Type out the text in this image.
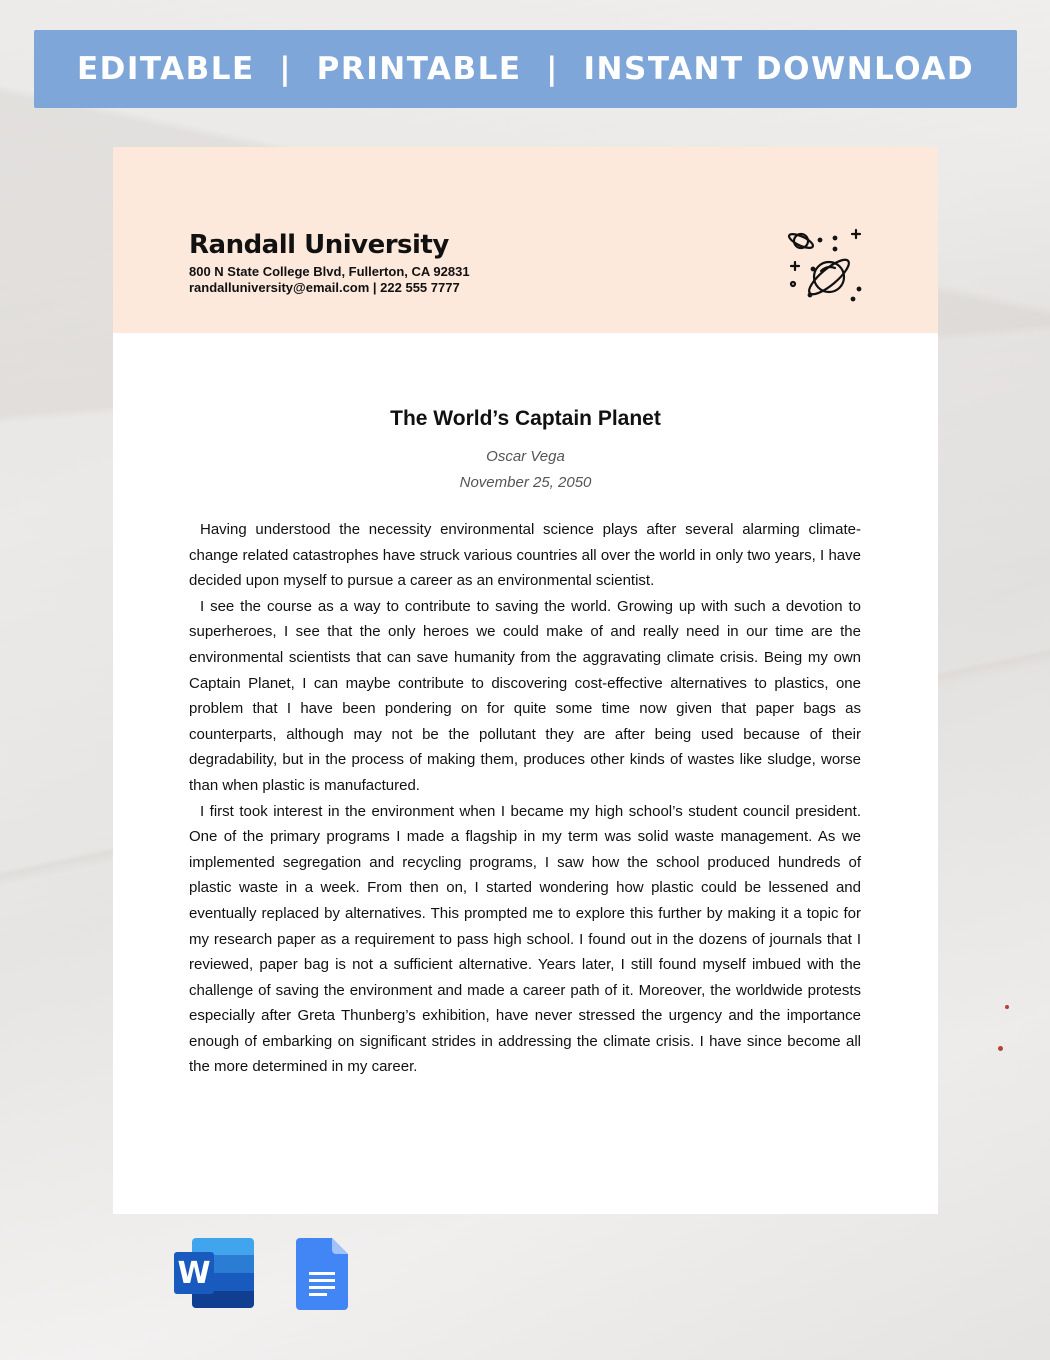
EDITABLE  |  PRINTABLE  |  INSTANT DOWNLOAD
Randall University
800 N State College Blvd, Fullerton, CA 92831
randalluniversity@email.com | 222 555 7777
The World’s Captain Planet
Oscar Vega
November 25, 2050

Having understood the necessity environmental science plays after several alarming climate-change related catastrophes have struck various countries all over the world in only two years, I have decided upon myself to pursue a career as an environmental scientist.

I see the course as a way to contribute to saving the world. Growing up with such a devotion to superheroes, I see that the only heroes we could make of and really need in our time are the environmental scientists that can save humanity from the aggravating climate crisis. Being my own Captain Planet, I can maybe contribute to discovering cost-effective alternatives to plastics, one problem that I have been pondering on for quite some time now given that paper bags as counterparts, although may not be the pollutant they are after being used because of their degradability, but in the process of making them, produces other kinds of wastes like sludge, worse than when plastic is manufactured.

I first took interest in the environment when I became my high school’s student council president. One of the primary programs I made a flagship in my term was solid waste management. As we implemented segregation and recycling programs, I saw how the school produced hundreds of plastic waste in a week. From then on, I started wondering how plastic could be lessened and eventually replaced by alternatives. This prompted me to explore this further by making it a topic for my research paper as a requirement to pass high school. I found out in the dozens of journals that I reviewed, paper bag is not a sufficient alternative. Years later, I still found myself imbued with the challenge of saving the environment and made a career path of it. Moreover, the worldwide protests especially after Greta Thunberg’s exhibition, have never stressed the urgency and the importance enough of embarking on significant strides in addressing the climate crisis. I have since become all the more determined in my career.

W
